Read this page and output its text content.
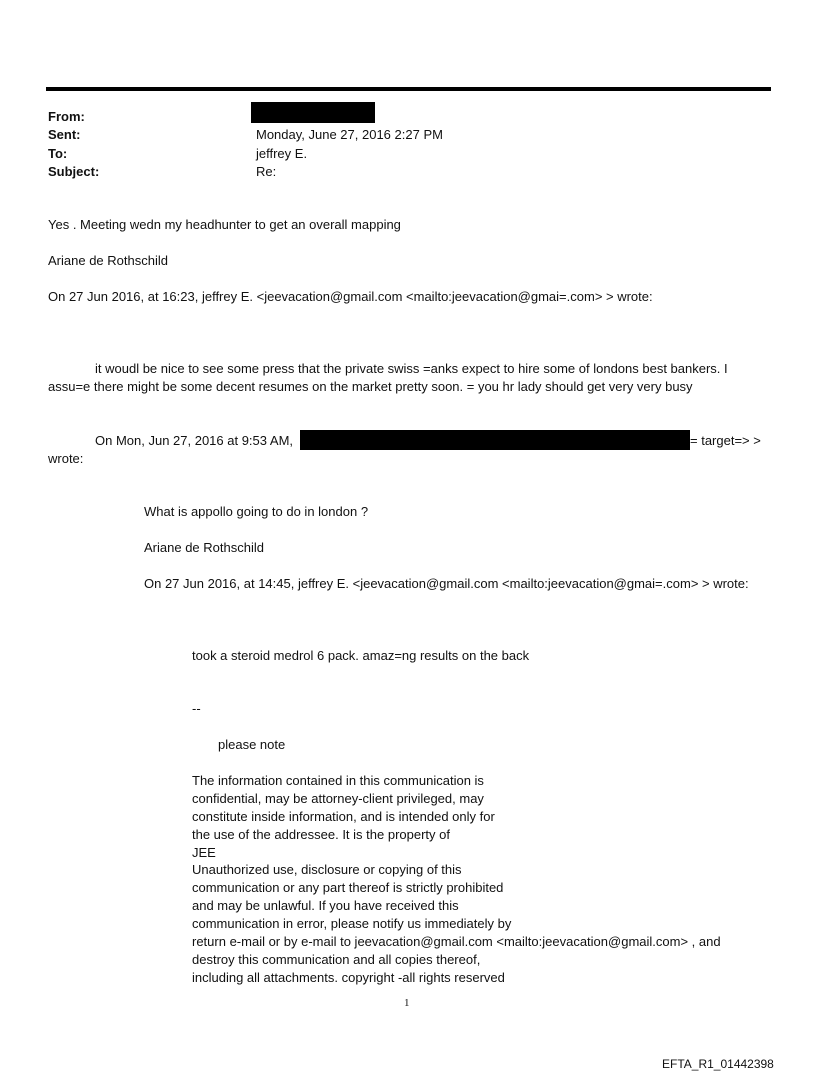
From:
Sent:	Monday, June 27, 2016 2:27 PM
To:	jeffrey E.
Subject:	Re:
Yes . Meeting wedn my headhunter to get an overall mapping
Ariane de Rothschild
On 27 Jun 2016, at 16:23, jeffrey E. <jeevacation@gmail.com <mailto:jeevacation@gmai=.com> > wrote:
it woudl be nice to see some press that the private swiss =anks expect to hire some of londons best bankers. I
assu=e there might be some decent resumes on the market pretty soon. = you hr lady should get very very busy
On Mon, Jun 27, 2016 at 9:53 AM,	= target=> >
wrote:
What is appollo going to do in london ?
Ariane de Rothschild
On 27 Jun 2016, at 14:45, jeffrey E. <jeevacation@gmail.com <mailto:jeevacation@gmai=.com> > wrote:
took a steroid medrol 6 pack. amaz=ng results on the back
--
please note
The information contained in this communication is
confidential, may be attorney-client privileged, may
constitute inside information, and is intended only for
the use of the addressee. It is the property of
JEE
Unauthorized use, disclosure or copying of this
communication or any part thereof is strictly prohibited
and may be unlawful. If you have received this
communication in error, please notify us immediately by
return e-mail or by e-mail to jeevacation@gmail.com <mailto:jeevacation@gmail.com> , and
destroy this communication and all copies thereof,
including all attachments. copyright -all rights reserved
1
EFTA_R1_01442398
